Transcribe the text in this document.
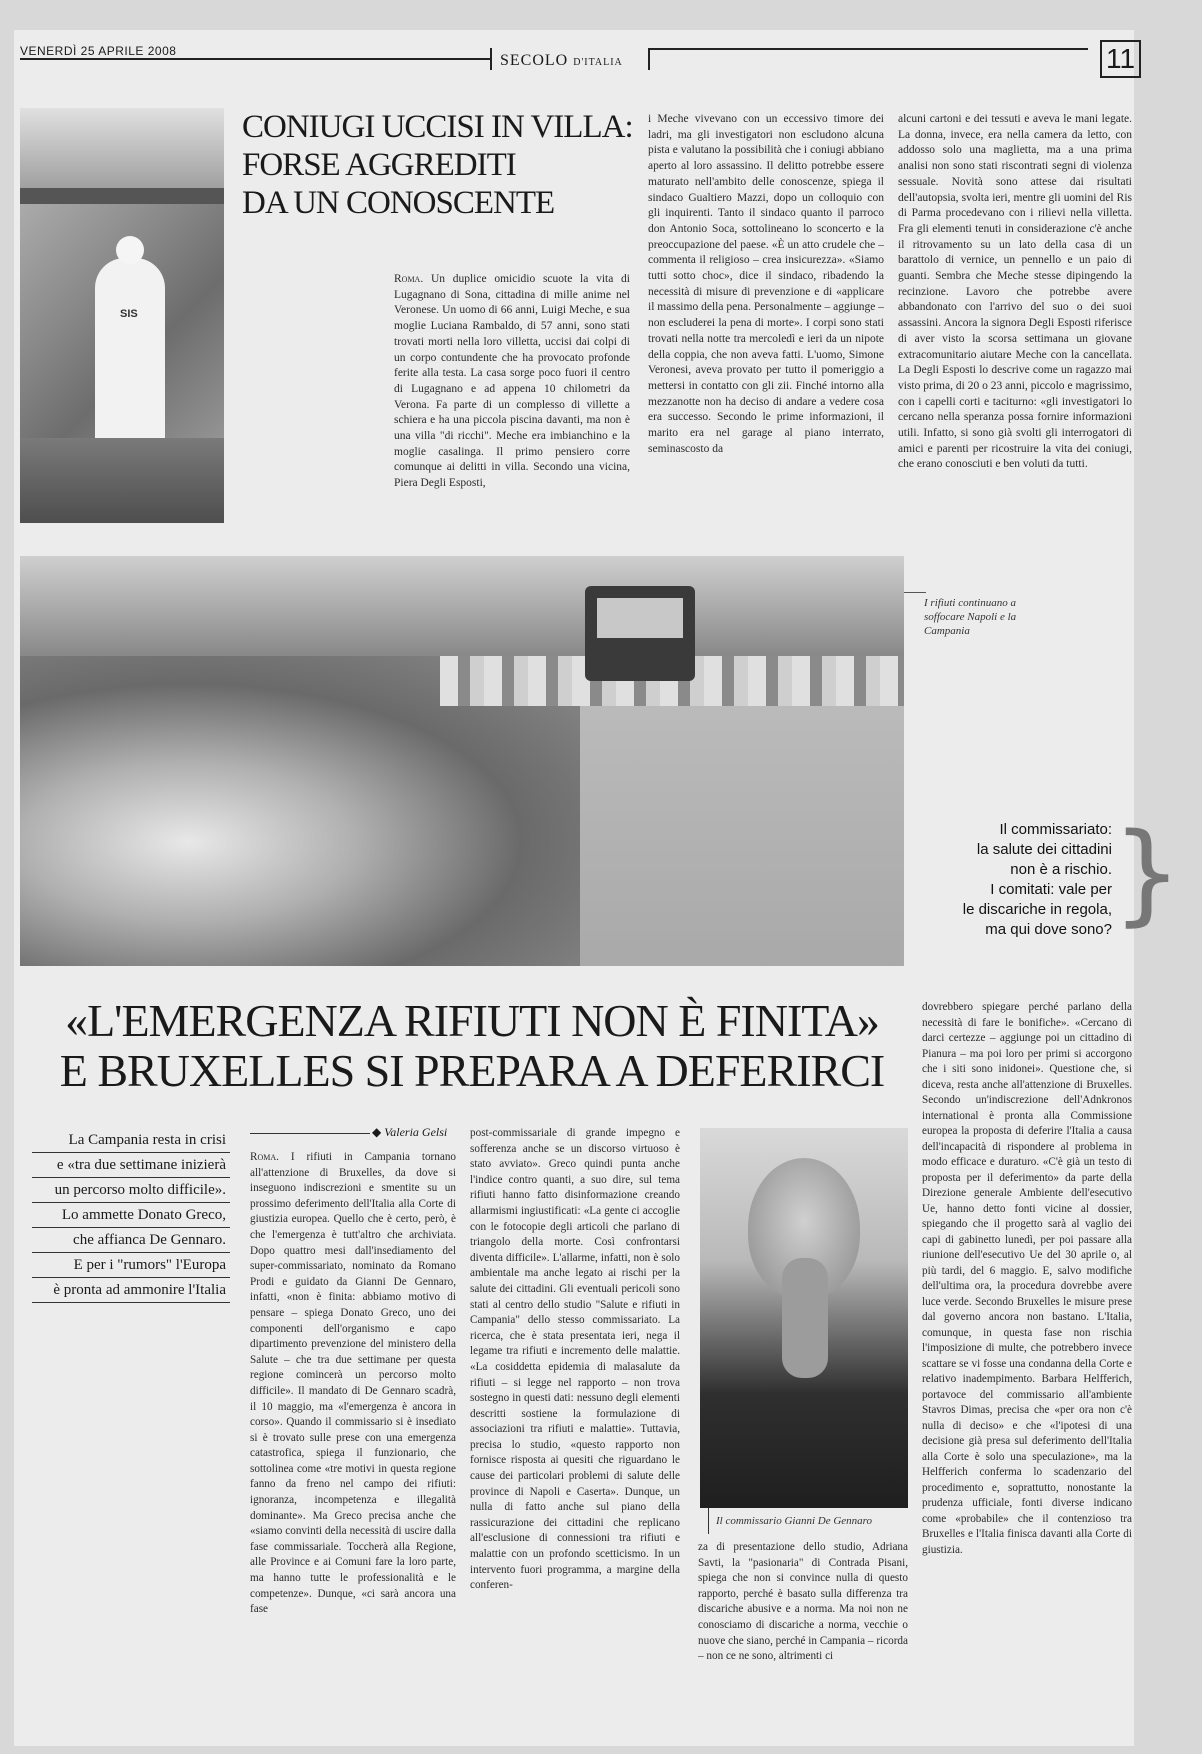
VENERDÌ 25 APRILE 2008
SECOLO D'ITALIA	11
SIS
CONIUGI UCCISI IN VILLA:
FORSE AGGREDITI
DA UN CONOSCENTE
Roma. Un duplice omicidio scuote la vita di Lugagnano di Sona, cittadina di mille anime nel Veronese. Un uomo di 66 anni, Luigi Meche, e sua moglie Luciana Rambaldo, di 57 anni, sono stati trovati morti nella loro villetta, uccisi dai colpi di un corpo contundente che ha provocato profonde ferite alla testa. La casa sorge poco fuori il centro di Lugagnano e ad appena 10 chilometri da Verona. Fa parte di un complesso di villette a schiera e ha una piccola piscina davanti, ma non è una villa "di ricchi". Meche era imbianchino e la moglie casalinga. Il primo pensiero corre comunque ai delitti in villa. Secondo una vicina, Piera Degli Esposti,
i Meche vivevano con un eccessivo timore dei ladri, ma gli investigatori non escludono alcuna pista e valutano la possibilità che i coniugi abbiano aperto al loro assassino. Il delitto potrebbe essere maturato nell'ambito delle conoscenze, spiega il sindaco Gualtiero Mazzi, dopo un colloquio con gli inquirenti. Tanto il sindaco quanto il parroco don Antonio Soca, sottolineano lo sconcerto e la preoccupazione del paese. «È un atto crudele che – commenta il religioso – crea insicurezza». «Siamo tutti sotto choc», dice il sindaco, ribadendo la necessità di misure di prevenzione e di «applicare il massimo della pena. Personalmente – aggiunge – non escluderei la pena di morte». I corpi sono stati trovati nella notte tra mercoledì e ieri da un nipote della coppia, che non aveva fatti. L'uomo, Simone Veronesi, aveva provato per tutto il pomeriggio a mettersi in contatto con gli zii. Finché intorno alla mezzanotte non ha deciso di andare a vedere cosa era successo. Secondo le prime informazioni, il marito era nel garage al piano interrato, seminascosto da
alcuni cartoni e dei tessuti e aveva le mani legate. La donna, invece, era nella camera da letto, con addosso solo una maglietta, ma a una prima analisi non sono stati riscontrati segni di violenza sessuale. Novità sono attese dai risultati dell'autopsia, svolta ieri, mentre gli uomini del Ris di Parma procedevano con i rilievi nella villetta. Fra gli elementi tenuti in considerazione c'è anche il ritrovamento su un lato della casa di un barattolo di vernice, un pennello e un paio di guanti. Sembra che Meche stesse dipingendo la recinzione. Lavoro che potrebbe avere abbandonato con l'arrivo del suo o dei suoi assassini. Ancora la signora Degli Esposti riferisce di aver visto la scorsa settimana un giovane extracomunitario aiutare Meche con la cancellata. La Degli Esposti lo descrive come un ragazzo mai visto prima, di 20 o 23 anni, piccolo e magrissimo, con i capelli corti e taciturno: «gli investigatori lo cercano nella speranza possa fornire informazioni utili. Infatto, si sono già svolti gli interrogatori di amici e parenti per ricostruire la vita dei coniugi, che erano conosciuti e ben voluti da tutti.
I rifiuti continuano a soffocare Napoli e la Campania
Il commissariato:
la salute dei cittadini
non è a rischio.
I comitati: vale per
le discariche in regola,
ma qui dove sono? }
«L'EMERGENZA RIFIUTI NON È FINITA»
E BRUXELLES SI PREPARA A DEFERIRCI
La Campania resta in crisi
e «tra due settimane inizierà
un percorso molto difficile».
Lo ammette Donato Greco,
che affianca De Gennaro.
E per i "rumors" l'Europa
è pronta ad ammonire l'Italia
◆ Valeria Gelsi
Roma. I rifiuti in Campania tornano all'attenzione di Bruxelles, da dove si inseguono indiscrezioni e smentite su un prossimo deferimento dell'Italia alla Corte di giustizia europea. Quello che è certo, però, è che l'emergenza è tutt'altro che archiviata. Dopo quattro mesi dall'insediamento del super-commissariato, nominato da Romano Prodi e guidato da Gianni De Gennaro, infatti, «non è finita: abbiamo motivo di pensare – spiega Donato Greco, uno dei componenti dell'organismo e capo dipartimento prevenzione del ministero della Salute – che tra due settimane per questa regione comincerà un percorso molto difficile». Il mandato di De Gennaro scadrà, il 10 maggio, ma «l'emergenza è ancora in corso». Quando il commissario si è insediato si è trovato sulle prese con una emergenza catastrofica, spiega il funzionario, che sottolinea come «tre motivi in questa regione fanno da freno nel campo dei rifiuti: ignoranza, incompetenza e illegalità dominante». Ma Greco precisa anche che «siamo convinti della necessità di uscire dalla fase commissariale. Toccherà alla Regione, alle Province e ai Comuni fare la loro parte, ma hanno tutte le professionalità e le competenze». Dunque, «ci sarà ancora una fase
post-commissariale di grande impegno e sofferenza anche se un discorso virtuoso è stato avviato». Greco quindi punta anche l'indice contro quanti, a suo dire, sul tema rifiuti hanno fatto disinformazione creando allarmismi ingiustificati: «La gente ci accoglie con le fotocopie degli articoli che parlano di triangolo della morte. Così confrontarsi diventa difficile». L'allarme, infatti, non è solo ambientale ma anche legato ai rischi per la salute dei cittadini. Gli eventuali pericoli sono stati al centro dello studio "Salute e rifiuti in Campania" dello stesso commissariato. La ricerca, che è stata presentata ieri, nega il legame tra rifiuti e incremento delle malattie. «La cosiddetta epidemia di malasalute da rifiuti – si legge nel rapporto – non trova sostegno in questi dati: nessuno degli elementi descritti sostiene la formulazione di associazioni tra rifiuti e malattie». Tuttavia, precisa lo studio, «questo rapporto non fornisce risposta ai quesiti che riguardano le cause dei particolari problemi di salute delle province di Napoli e Caserta». Dunque, un nulla di fatto anche sul piano della rassicurazione dei cittadini che replicano all'esclusione di connessioni tra rifiuti e malattie con un profondo scetticismo. In un intervento fuori programma, a margine della conferen-
Il commissario Gianni De Gennaro
za di presentazione dello studio, Adriana Savti, la "pasionaria" di Contrada Pisani, spiega che non si convince nulla di questo rapporto, perché è basato sulla differenza tra discariche abusive e a norma. Ma noi non ne conosciamo di discariche a norma, vecchie o nuove che siano, perché in Campania – ricorda – non ce ne sono, altrimenti ci
dovrebbero spiegare perché parlano della necessità di fare le bonifiche». «Cercano di darci certezze – aggiunge poi un cittadino di Pianura – ma poi loro per primi si accorgono che i siti sono inidonei». Questione che, si diceva, resta anche all'attenzione di Bruxelles. Secondo un'indiscrezione dell'Adnkronos international è pronta alla Commissione europea la proposta di deferire l'Italia a causa dell'incapacità di rispondere al problema in modo efficace e duraturo. «C'è già un testo di proposta per il deferimento» da parte della Direzione generale Ambiente dell'esecutivo Ue, hanno detto fonti vicine al dossier, spiegando che il progetto sarà al vaglio dei capi di gabinetto lunedì, per poi passare alla riunione dell'esecutivo Ue del 30 aprile o, al più tardi, del 6 maggio. E, salvo modifiche dell'ultima ora, la procedura dovrebbe avere luce verde. Secondo Bruxelles le misure prese dal governo ancora non bastano. L'Italia, comunque, in questa fase non rischia l'imposizione di multe, che potrebbero invece scattare se vi fosse una condanna della Corte e relativo inadempimento. Barbara Helfferich, portavoce del commissario all'ambiente Stavros Dimas, precisa che «per ora non c'è nulla di deciso» e che «l'ipotesi di una decisione già presa sul deferimento dell'Italia alla Corte è solo una speculazione», ma la Helfferich conferma lo scadenzario del procedimento e, soprattutto, nonostante la prudenza ufficiale, fonti diverse indicano come «probabile» che il contenzioso tra Bruxelles e l'Italia finisca davanti alla Corte di giustizia.
